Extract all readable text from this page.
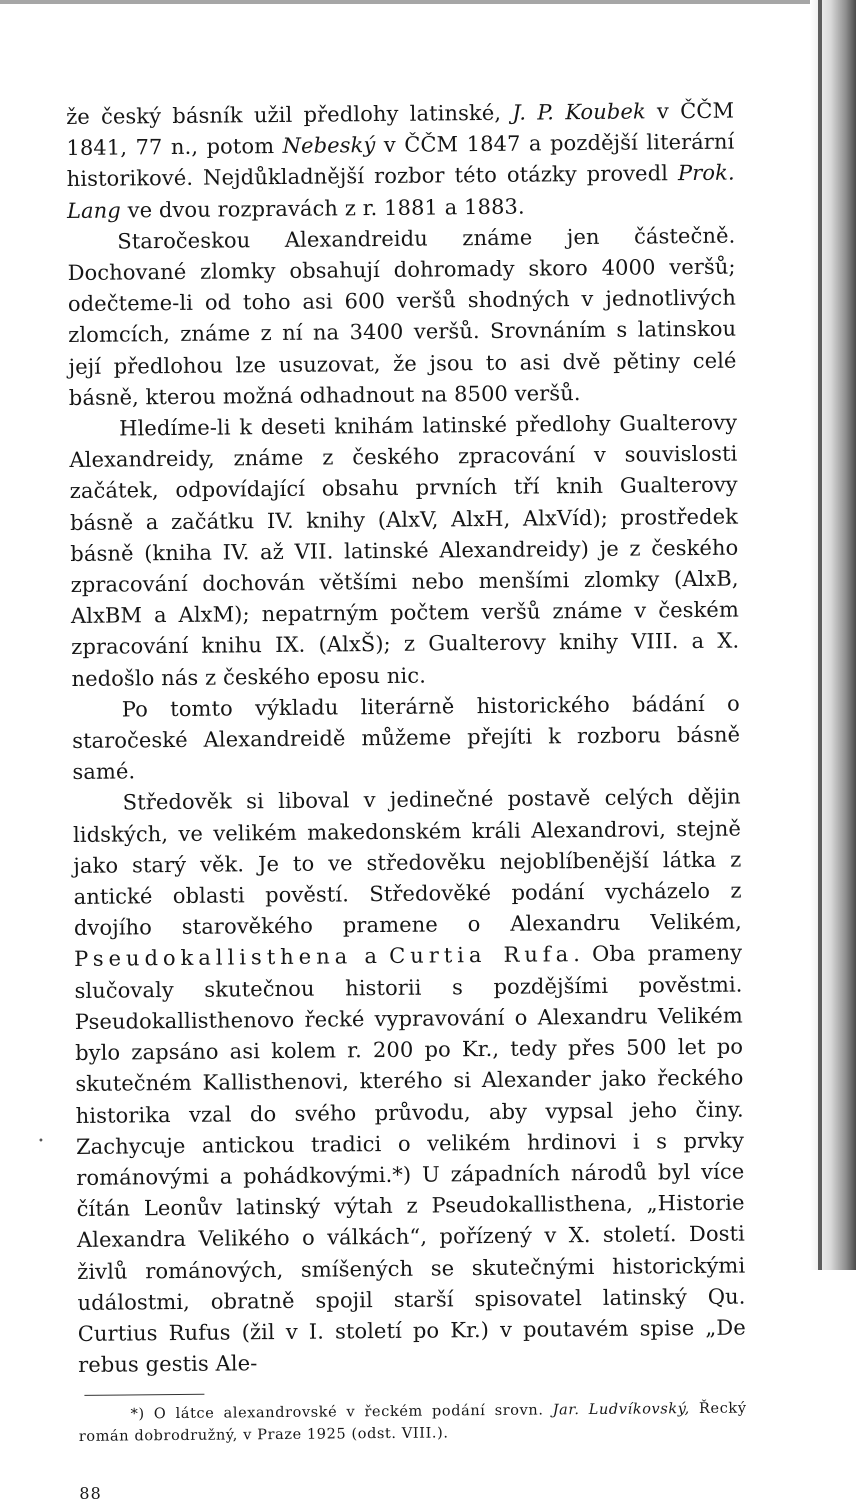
•

že český básník užil předlohy latinské, J. P. Koubek v ČČM 1841, 77 n., potom Nebeský v ČČM 1847 a pozdější literární historikové. Nejdůkladnější rozbor této otázky provedl Prok. Lang ve dvou rozpravách z r. 1881 a 1883.

Staročeskou Alexandreidu známe jen částečně. Dochované zlomky obsahují dohromady skoro 4000 veršů; odečteme-li od toho asi 600 veršů shodných v jednotlivých zlomcích, známe z ní na 3400 veršů. Srovnáním s latinskou její předlohou lze usuzovat, že jsou to asi dvě pětiny celé básně, kterou možná odhadnout na 8500 veršů.

Hledíme-li k deseti knihám latinské předlohy Gualterovy Alexandreidy, známe z českého zpracování v souvislosti začátek, odpovídající obsahu prvních tří knih Gualterovy básně a začátku IV. knihy (AlxV, AlxH, AlxVíd); prostředek básně (kniha IV. až VII. latinské Alexandreidy) je z českého zpracování dochován většími nebo menšími zlomky (AlxB, AlxBM a AlxM); nepatrným počtem veršů známe v českém zpracování knihu IX. (AlxŠ); z Gualterovy knihy VIII. a X. nedošlo nás z českého eposu nic.

Po tomto výkladu literárně historického bádání o staročeské Alexandreidě můžeme přejíti k rozboru básně samé.

Středověk si liboval v jedinečné postavě celých dějin lidských, ve velikém makedonském králi Alexandrovi, stejně jako starý věk. Je to ve středověku nejoblíbenější látka z antické oblasti pověstí. Středověké podání vycházelo z dvojího starověkého pramene o Alexandru Velikém, Pseudokallisthena a Curtia Rufa. Oba prameny slučovaly skutečnou historii s pozdějšími pověstmi. Pseudokallisthenovo řecké vypravování o Alexandru Velikém bylo zapsáno asi kolem r. 200 po Kr., tedy přes 500 let po skutečném Kallisthenovi, kterého si Alexander jako řeckého historika vzal do svého průvodu, aby vypsal jeho činy. Zachycuje antickou tradici o velikém hrdinovi i s prvky románovými a pohádkovými.*) U západních národů byl více čítán Leonův latinský výtah z Pseudokallisthena, „Historie Alexandra Velikého o válkách“, pořízený v X. století. Dosti živlů románových, smíšených se skutečnými historickými událostmi, obratně spojil starší spisovatel latinský Qu. Curtius Rufus (žil v I. století po Kr.) v poutavém spise „De rebus gestis Ale-

*) O látce alexandrovské v řeckém podání srovn. Jar. Ludvíkovský, Řecký román dobrodružný, v Praze 1925 (odst. VIII.).

88
